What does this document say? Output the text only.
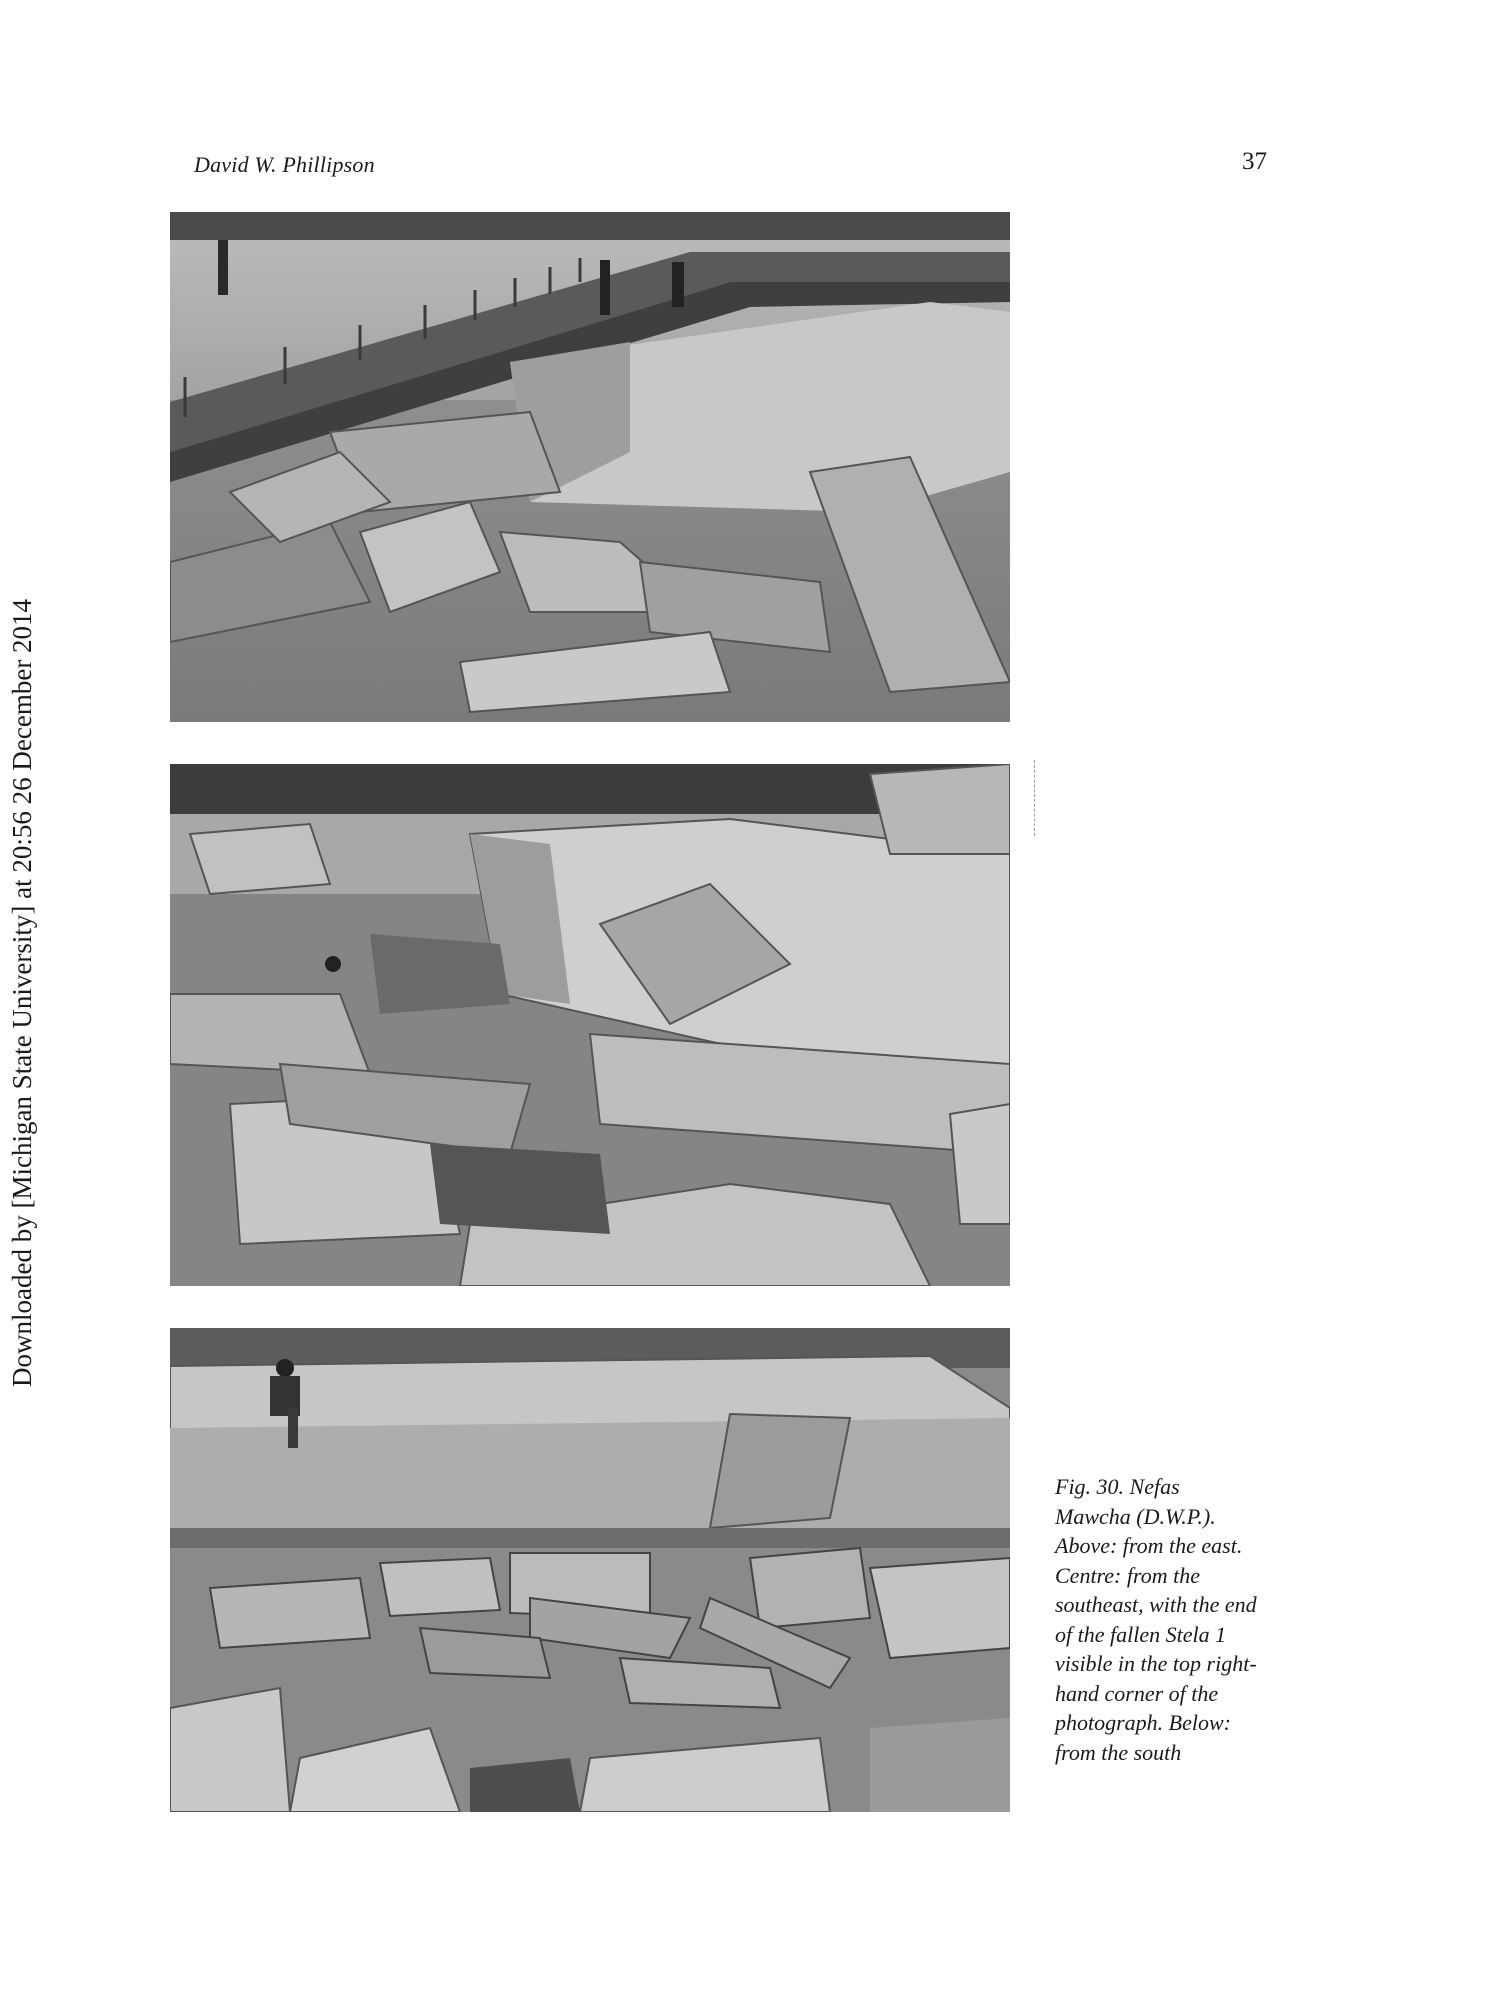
David W. Phillipson	37
Downloaded by [Michigan State University] at 20:56 26 December 2014
Fig. 30. Nefas
Mawcha (D.W.P.).
Above: from the east.
Centre: from the
southeast, with the end
of the fallen Stela 1
visible in the top right-
hand corner of the
photograph. Below:
from the south
